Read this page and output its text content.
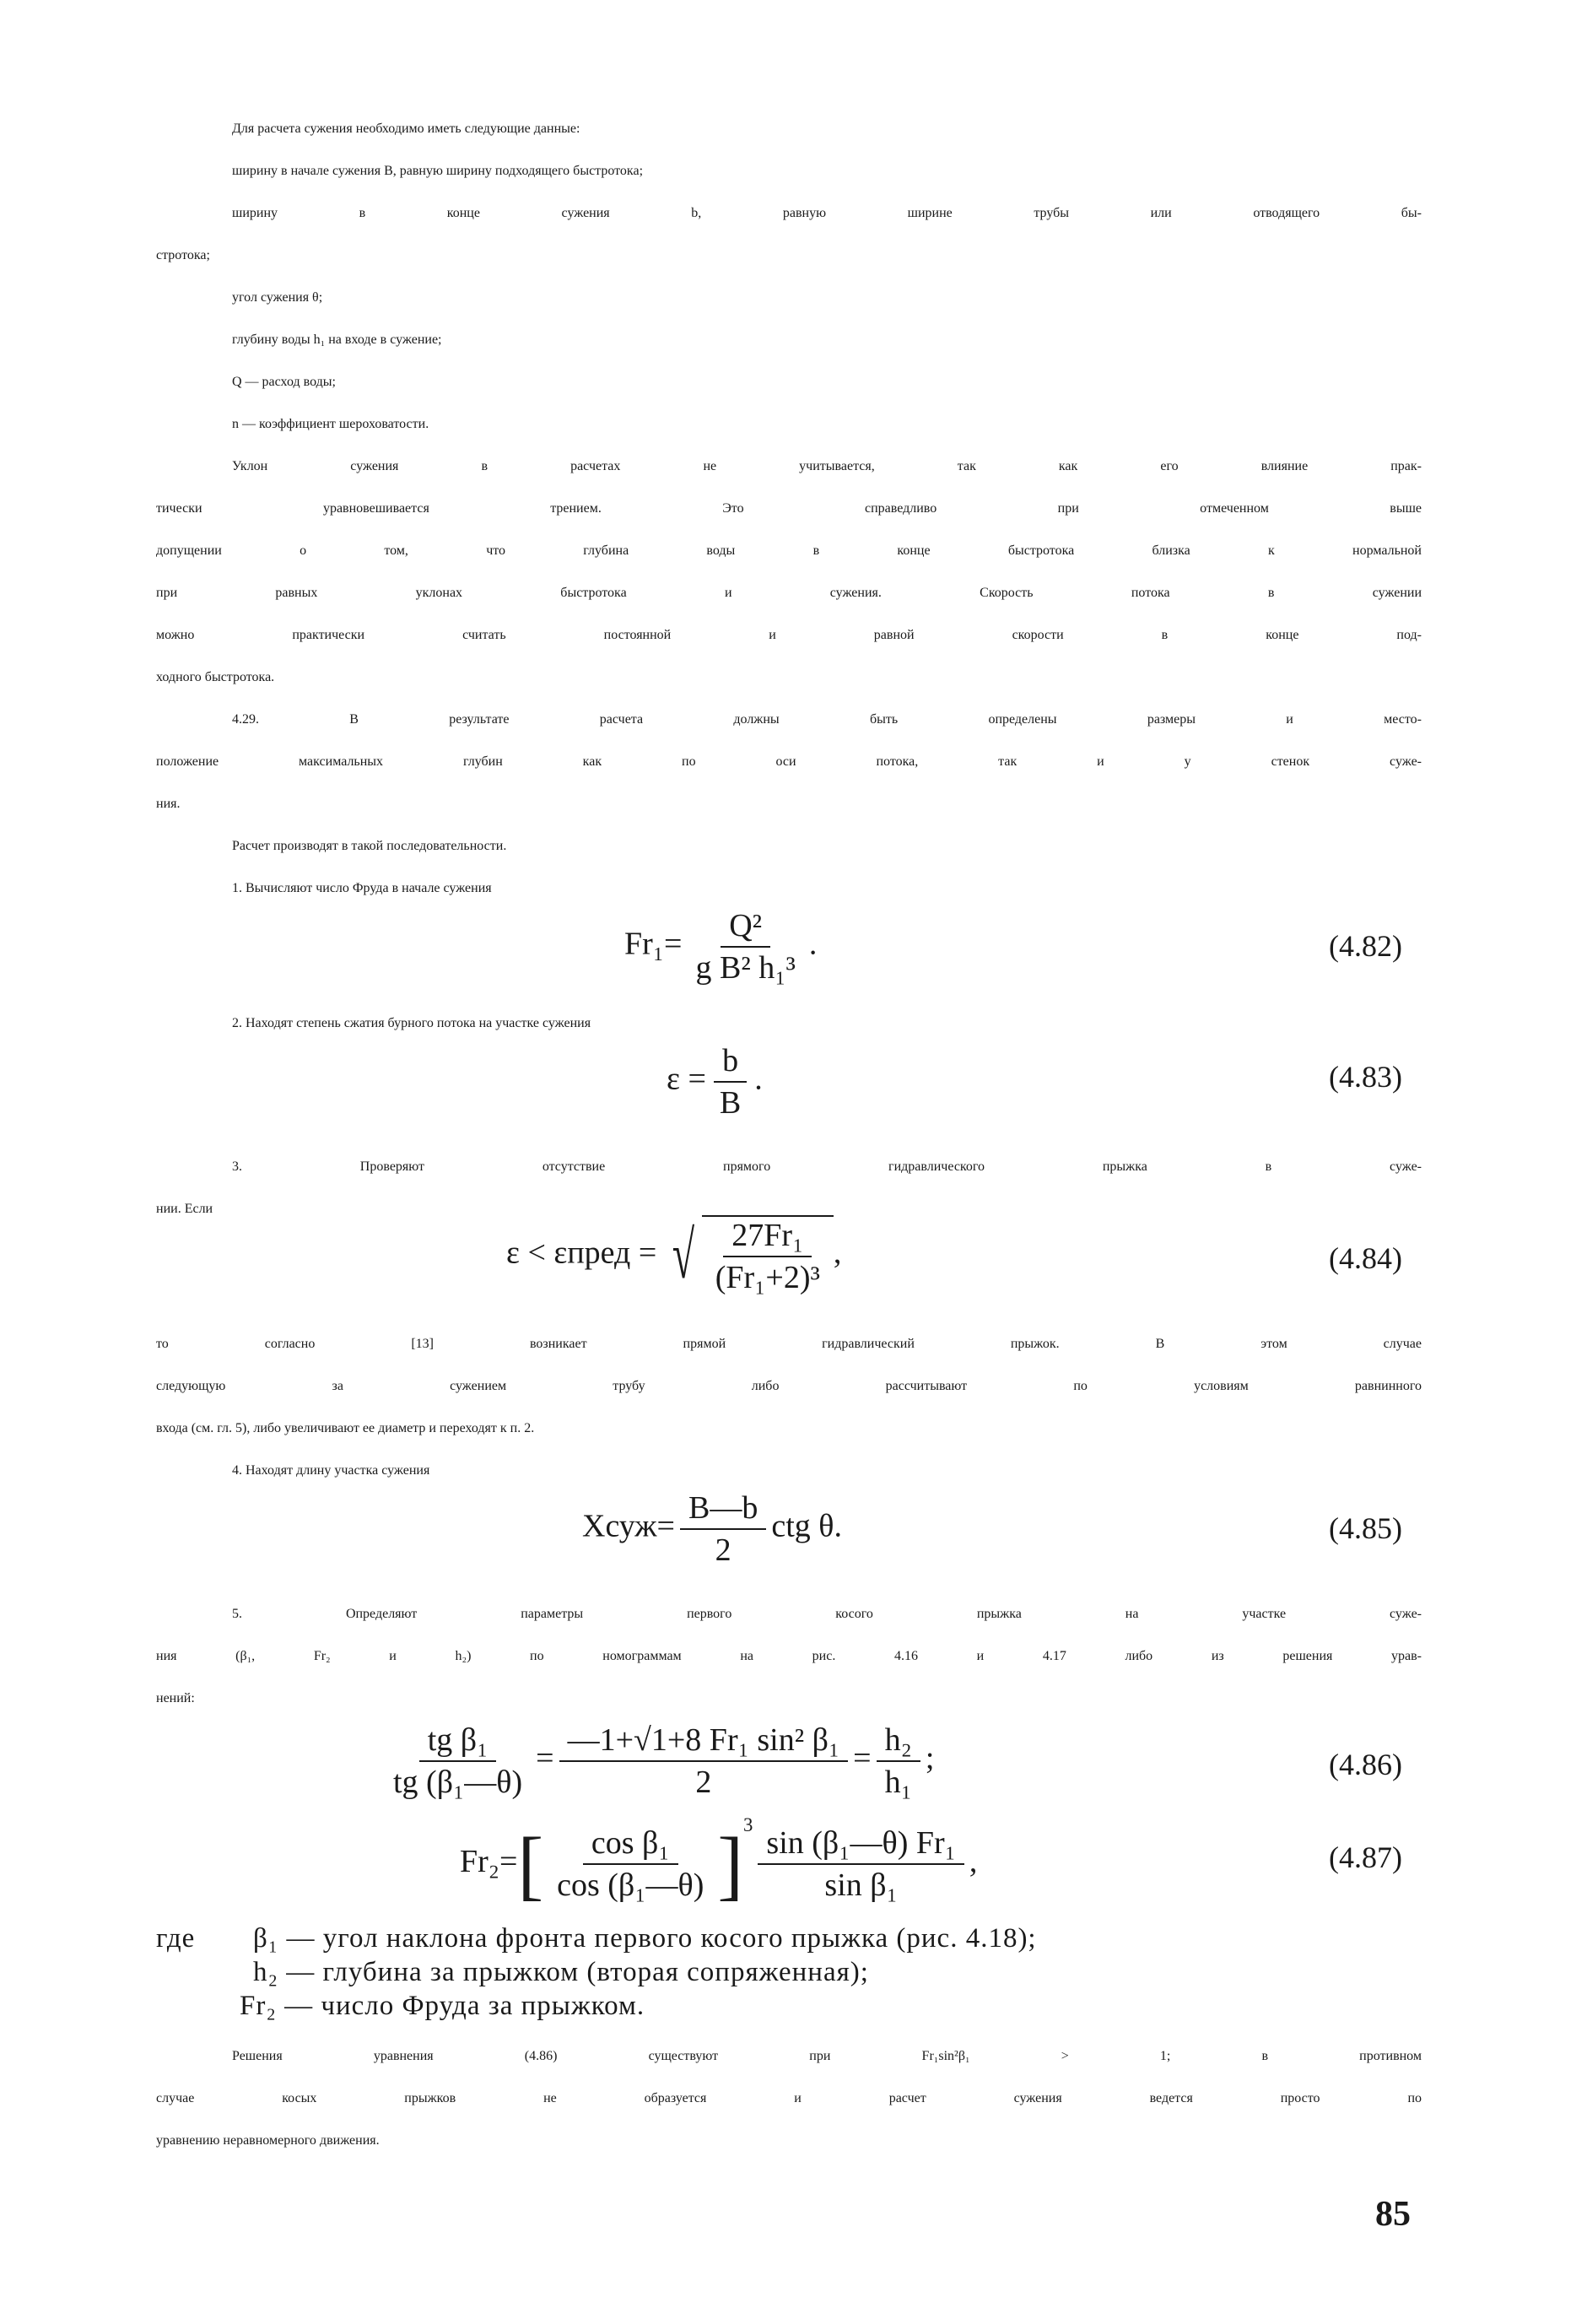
Для расчета сужения необходимо иметь следующие данные:
ширину в начале сужения B, равную ширину подходящего быстротока;
ширину в конце сужения b, равную ширине трубы или отводящего бы-
стротока;
угол сужения θ;
глубину воды h₁ на входе в сужение;
Q — расход воды;
n — коэффициент шероховатости.
Уклон сужения в расчетах не учитывается, так как его влияние прак-
тически уравновешивается трением. Это справедливо при отмеченном выше
допущении о том, что глубина воды в конце быстротока близка к нормальной
при равных уклонах быстротока и сужения. Скорость потока в сужении
можно практически считать постоянной и равной скорости в конце под-
ходного быстротока.
4.29. В результате расчета должны быть определены размеры и место-
положение максимальных глубин как по оси потока, так и у стенок суже-
ния.
Расчет производят в такой последовательности.
1. Вычисляют число Фруда в начале сужения
$Fr_1= \frac{\text{Q²}}{\text{g B² h₁³}}$ .	(4.82)
2. Находят степень сжатия бурного потока на участке сужения
$\varepsilon = \frac{b}{B}$ .	(4.83)
3. Проверяют отсутствие прямого гидравлического прыжка в суже-
нии. Если
ε < εпред = √ $\frac{\text{27Fr₁}}{\text{(Fr₁+2)³}}$ ,	(4.84)
то согласно [13] возникает прямой гидравлический прыжок. В этом случае
следующую за сужением трубу либо рассчитывают по условиям равнинного
входа (см. гл. 5), либо увеличивают ее диаметр и переходят к п. 2.
4. Находят длину участка сужения
Xсуж= $\frac{B—b}{2}$ ctg θ.	(4.85)
5. Определяют параметры первого косого прыжка на участке суже-
ния (β₁, Fr₂ и h₂) по номограммам на рис. 4.16 и 4.17 либо из решения урав-
нений:
$\frac{\text{tg β₁}}{\text{tg (β₁—θ)}} = \frac{\text{—1+√1+8 Fr₁ sin² β₁}}{2} = \frac{\text{h₂}}{\text{h₁}}$ ;	(4.86)
$Fr_2=[ \frac{\text{cos β₁}}{\text{cos (β₁—θ)}} ]^3 \frac{\text{sin (β₁—θ) Fr₁}}{\text{sin β₁}}$ ,	(4.87)
где β₁ — угол наклона фронта первого косого прыжка (рис. 4.18);
h₂ — глубина за прыжком (вторая сопряженная);
Fr₂ — число Фруда за прыжком.
Решения уравнения (4.86) существуют при Fr₁sin²β₁ > 1; в противном
случае косых прыжков не образуется и расчет сужения ведется просто по
уравнению неравномерного движения.
85
